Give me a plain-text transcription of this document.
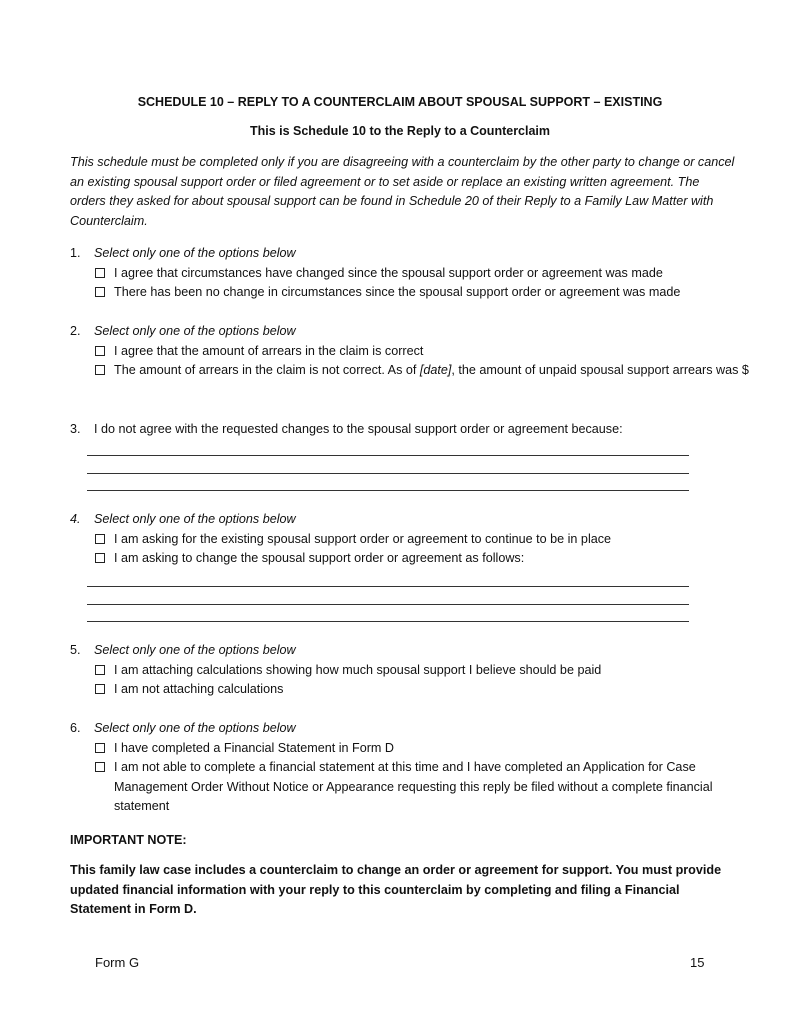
SCHEDULE 10 – REPLY TO A COUNTERCLAIM ABOUT SPOUSAL SUPPORT – EXISTING
This is Schedule 10 to the Reply to a Counterclaim
This schedule must be completed only if you are disagreeing with a counterclaim by the other party to change or cancel an existing spousal support order or filed agreement or to set aside or replace an existing written agreement. The orders they asked for about spousal support can be found in Schedule 20 of their Reply to a Family Law Matter with Counterclaim.
1.	Select only one of the options below
I agree that circumstances have changed since the spousal support order or agreement was made
There has been no change in circumstances since the spousal support order or agreement was made
2.	Select only one of the options below
I agree that the amount of arrears in the claim is correct
The amount of arrears in the claim is not correct. As of [date], the amount of unpaid spousal support arrears was $
3.	I do not agree with the requested changes to the spousal support order or agreement because:
4.	Select only one of the options below
I am asking for the existing spousal support order or agreement to continue to be in place
I am asking to change the spousal support order or agreement as follows:
5.	Select only one of the options below
I am attaching calculations showing how much spousal support I believe should be paid
I am not attaching calculations
6.	Select only one of the options below
I have completed a Financial Statement in Form D
I am not able to complete a financial statement at this time and I have completed an Application for Case Management Order Without Notice or Appearance requesting this reply be filed without a complete financial statement
IMPORTANT NOTE:
This family law case includes a counterclaim to change an order or agreement for support. You must provide updated financial information with your reply to this counterclaim by completing and filing a Financial Statement in Form D.
Form G	15
